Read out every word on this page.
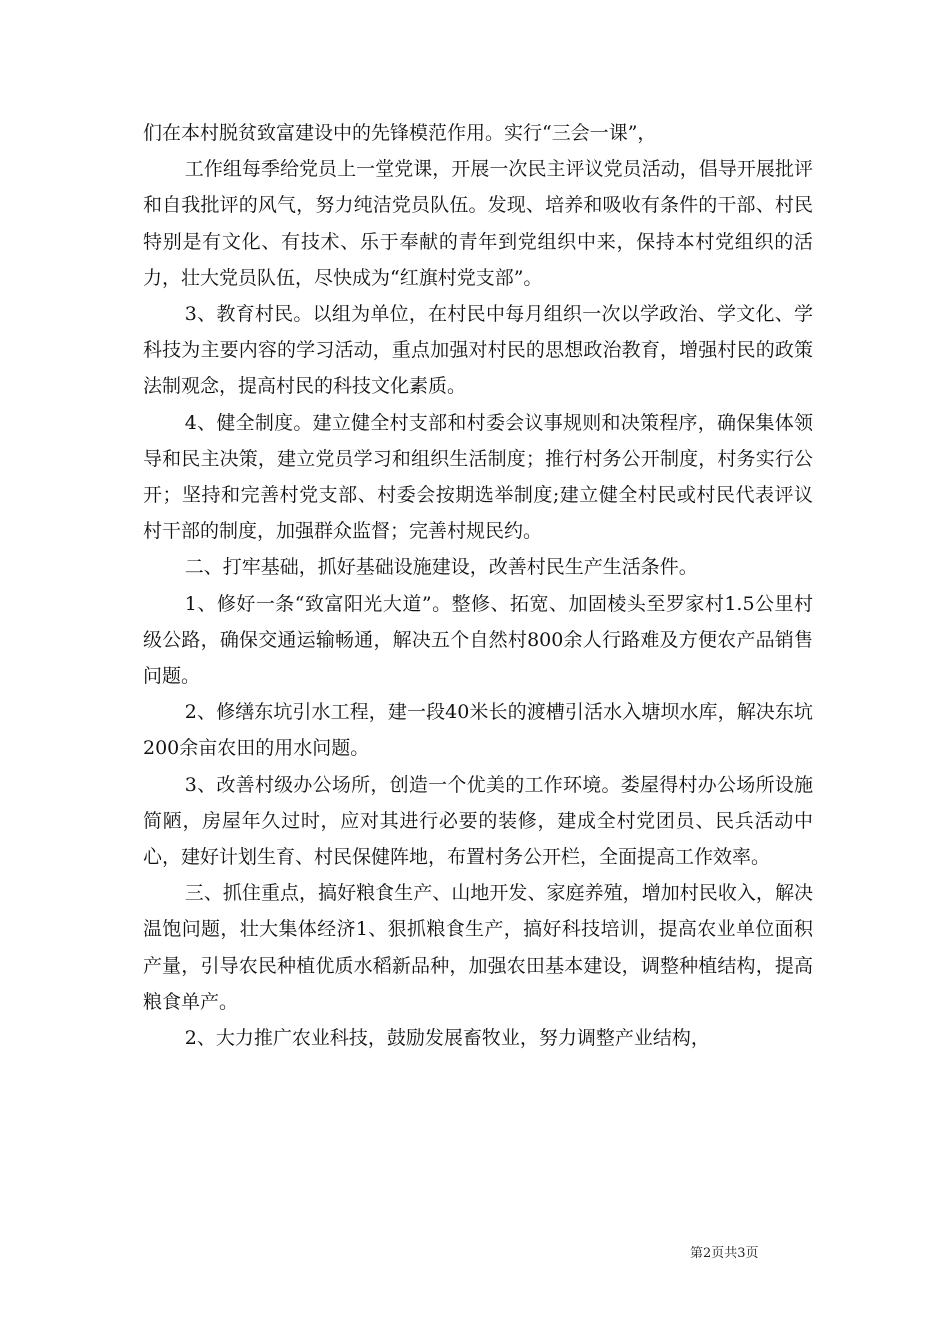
们在本村脱贫致富建设中的先锋模范作用。实行“三会一课”，

工作组每季给党员上一堂党课，开展一次民主评议党员活动，倡导开展批评和自我批评的风气，努力纯洁党员队伍。发现、培养和吸收有条件的干部、村民特别是有文化、有技术、乐于奉献的青年到党组织中来，保持本村党组织的活力，壮大党员队伍，尽快成为“红旗村党支部”。

3、教育村民。以组为单位，在村民中每月组织一次以学政治、学文化、学科技为主要内容的学习活动，重点加强对村民的思想政治教育，增强村民的政策法制观念，提高村民的科技文化素质。

4、健全制度。建立健全村支部和村委会议事规则和决策程序，确保集体领导和民主决策，建立党员学习和组织生活制度；推行村务公开制度，村务实行公开；坚持和完善村党支部、村委会按期选举制度;建立健全村民或村民代表评议村干部的制度，加强群众监督；完善村规民约。

二、打牢基础，抓好基础设施建设，改善村民生产生活条件。

1、修好一条“致富阳光大道”。整修、拓宽、加固棱头至罗家村1.5公里村级公路，确保交通运输畅通，解决五个自然村800余人行路难及方便农产品销售问题。

2、修缮东坑引水工程，建一段40米长的渡槽引活水入塘坝水库，解决东坑200余亩农田的用水问题。

3、改善村级办公场所，创造一个优美的工作环境。娄屋得村办公场所设施简陋，房屋年久过时，应对其进行必要的装修，建成全村党团员、民兵活动中心，建好计划生育、村民保健阵地，布置村务公开栏，全面提高工作效率。

三、抓住重点，搞好粮食生产、山地开发、家庭养殖，增加村民收入，解决温饱问题，壮大集体经济1、狠抓粮食生产，搞好科技培训，提高农业单位面积产量，引导农民种植优质水稻新品种，加强农田基本建设，调整种植结构，提高粮食单产。

2、大力推广农业科技，鼓励发展畜牧业，努力调整产业结构，

第2页共3页
